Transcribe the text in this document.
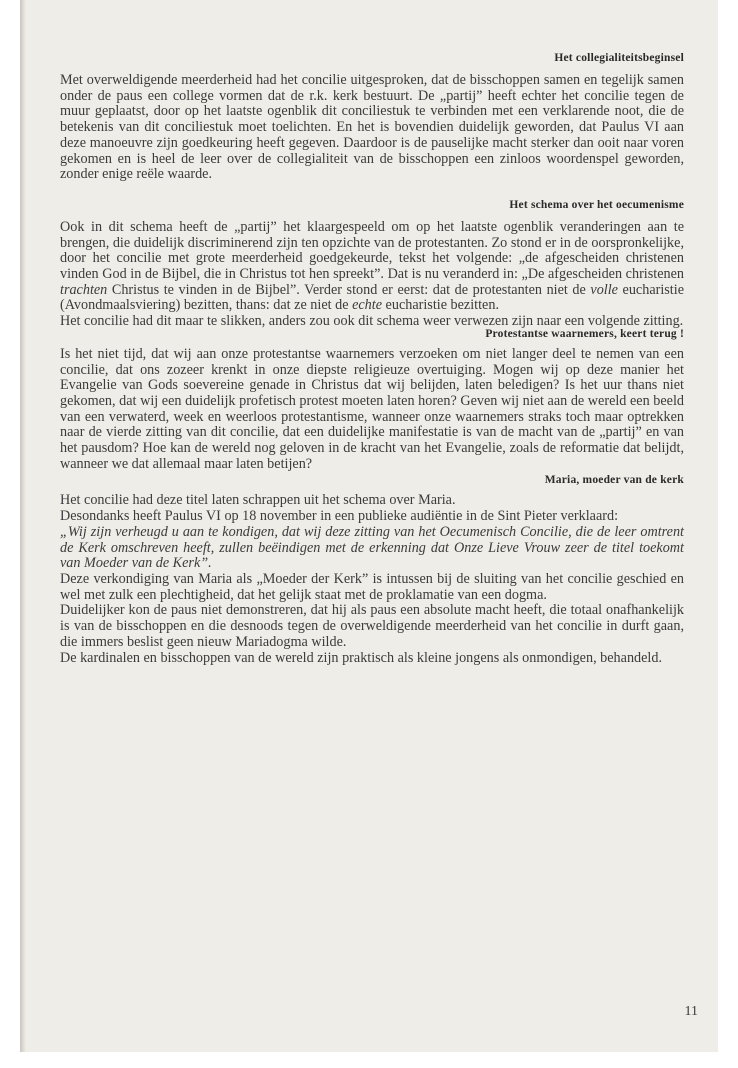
Het collegialiteitsbeginsel

Met overweldigende meerderheid had het concilie uitgesproken, dat de bisschoppen samen en tegelijk samen onder de paus een college vormen dat de r.k. kerk bestuurt. De „partij” heeft echter het concilie tegen de muur geplaatst, door op het laatste ogenblik dit conciliestuk te verbinden met een verklarende noot, die de betekenis van dit conciliestuk moet toelichten. En het is bovendien duidelijk geworden, dat Paulus VI aan deze manoeuvre zijn goedkeuring heeft gegeven. Daardoor is de pauselijke macht sterker dan ooit naar voren gekomen en is heel de leer over de collegialiteit van de bisschoppen een zinloos woordenspel geworden, zonder enige reële waarde.

Het schema over het oecumenisme

Ook in dit schema heeft de „partij” het klaargespeeld om op het laatste ogenblik veranderingen aan te brengen, die duidelijk discriminerend zijn ten opzichte van de protestanten. Zo stond er in de oorspronkelijke, door het concilie met grote meerderheid goedgekeurde, tekst het volgende: „de afgescheiden christenen vinden God in de Bijbel, die in Christus tot hen spreekt”. Dat is nu veranderd in: „De afgescheiden christenen trachten Christus te vinden in de Bijbel”. Verder stond er eerst: dat de protestanten niet de volle eucharistie (Avondmaalsviering) bezitten, thans: dat ze niet de echte eucharistie bezitten.

Het concilie had dit maar te slikken, anders zou ook dit schema weer verwezen zijn naar een volgende zitting.

Protestantse waarnemers, keert terug !

Is het niet tijd, dat wij aan onze protestantse waarnemers verzoeken om niet langer deel te nemen van een concilie, dat ons zozeer krenkt in onze diepste religieuze overtuiging. Mogen wij op deze manier het Evangelie van Gods soevereine genade in Christus dat wij belijden, laten beledigen? Is het uur thans niet gekomen, dat wij een duidelijk profetisch protest moeten laten horen? Geven wij niet aan de wereld een beeld van een verwaterd, week en weerloos protestantisme, wanneer onze waarnemers straks toch maar optrekken naar de vierde zitting van dit concilie, dat een duidelijke manifestatie is van de macht van de „partij” en van het pausdom? Hoe kan de wereld nog geloven in de kracht van het Evangelie, zoals de reformatie dat belijdt, wanneer we dat allemaal maar laten betijen?

Maria, moeder van de kerk

Het concilie had deze titel laten schrappen uit het schema over Maria.

Desondanks heeft Paulus VI op 18 november in een publieke audiëntie in de Sint Pieter verklaard:

„Wij zijn verheugd u aan te kondigen, dat wij deze zitting van het Oecumenisch Concilie, die de leer omtrent de Kerk omschreven heeft, zullen beëindigen met de erkenning dat Onze Lieve Vrouw zeer de titel toekomt van Moeder van de Kerk”.

Deze verkondiging van Maria als „Moeder der Kerk” is intussen bij de sluiting van het concilie geschied en wel met zulk een plechtigheid, dat het gelijk staat met de proklamatie van een dogma.

Duidelijker kon de paus niet demonstreren, dat hij als paus een absolute macht heeft, die totaal onafhankelijk is van de bisschoppen en die desnoods tegen de overweldigende meerderheid van het concilie in durft gaan, die immers beslist geen nieuw Mariadogma wilde.

De kardinalen en bisschoppen van de wereld zijn praktisch als kleine jongens als onmondigen, behandeld.

11
